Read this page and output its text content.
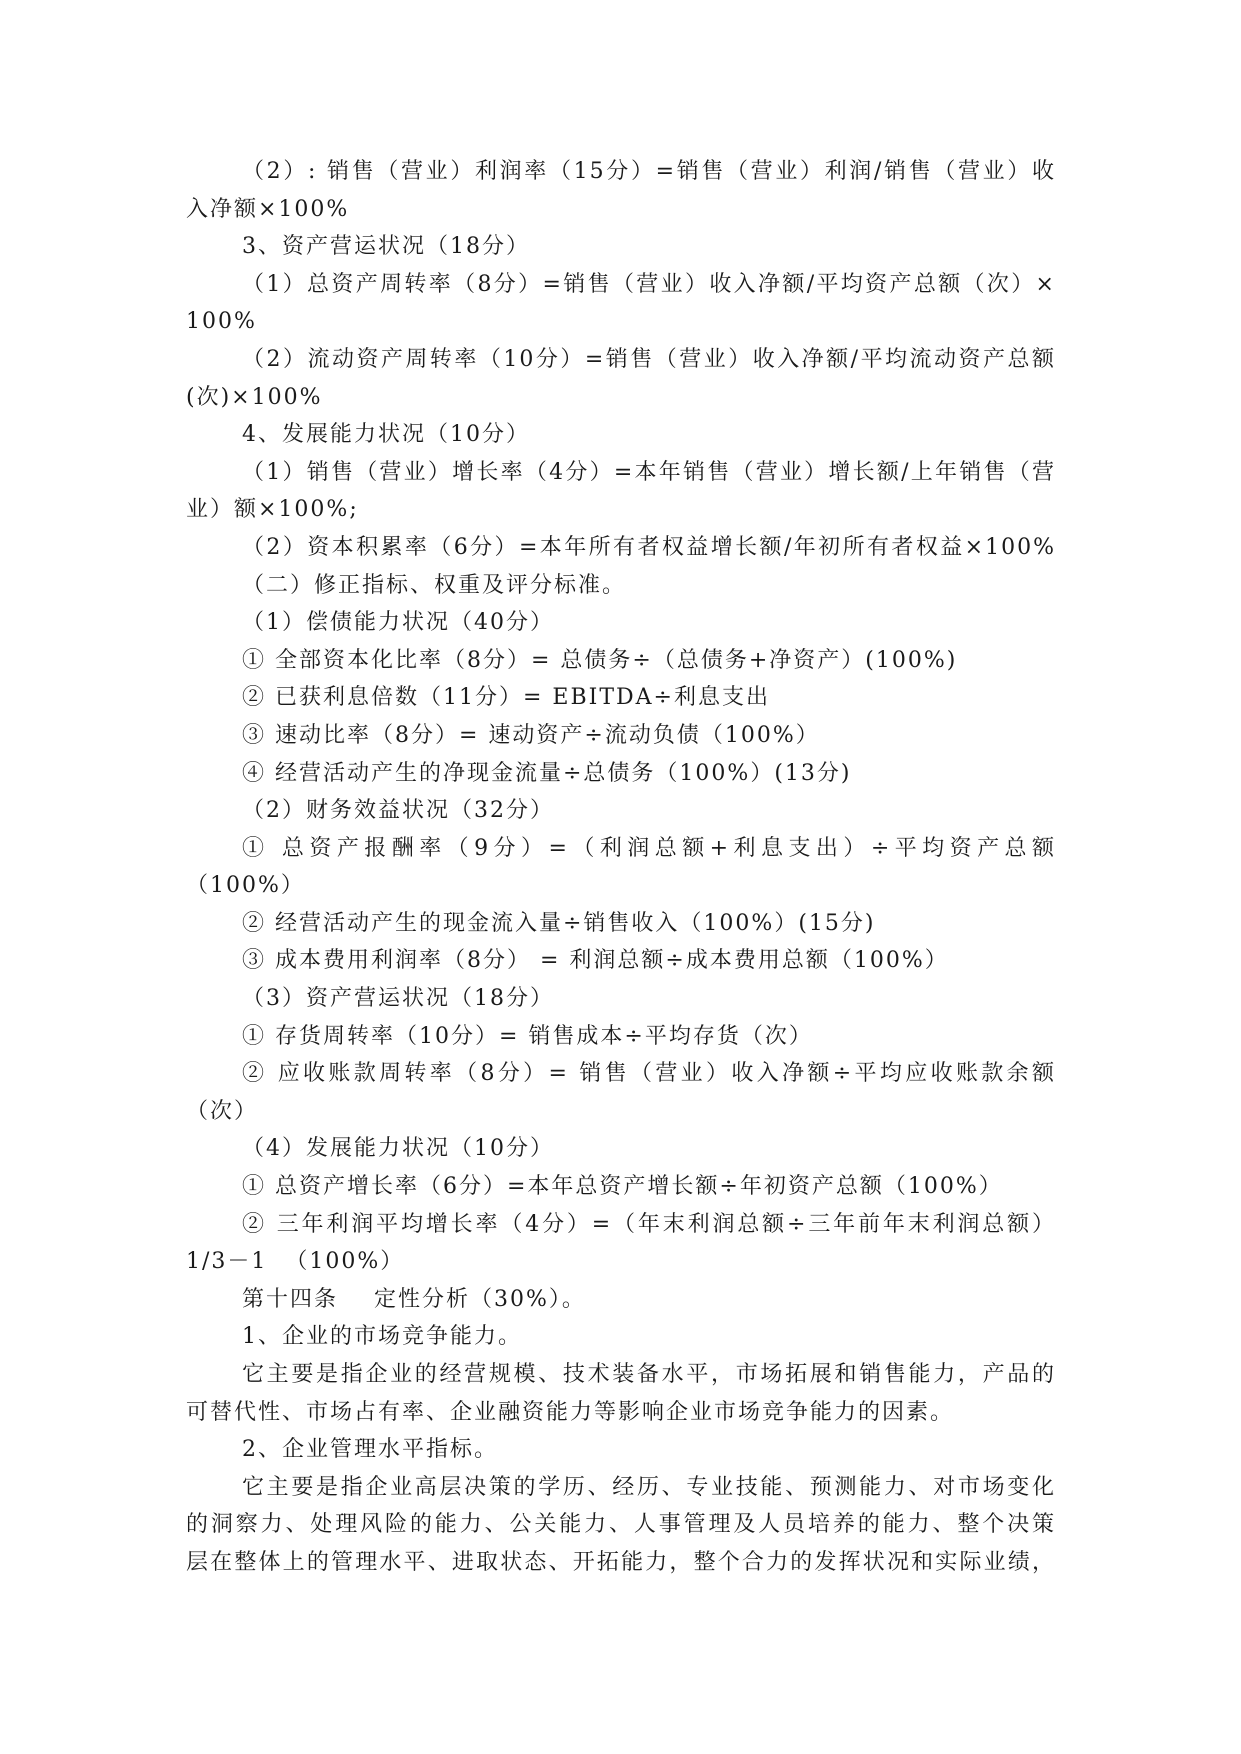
（2）: 销售（营业）利润率（15分）=销售（营业）利润/销售（营业）收
入净额×100%
3、资产营运状况（18分）
（1）总资产周转率（8分）=销售（营业）收入净额/平均资产总额（次）×
100%
（2）流动资产周转率（10分）=销售（营业）收入净额/平均流动资产总额
(次)×100%
4、发展能力状况（10分）
（1）销售（营业）增长率（4分）=本年销售（营业）增长额/上年销售（营
业）额×100%;
（2）资本积累率（6分）=本年所有者权益增长额/年初所有者权益×100%
（二）修正指标、权重及评分标准。
（1）偿债能力状况（40分）
① 全部资本化比率（8分）= 总债务÷（总债务+净资产）(100%)
② 已获利息倍数（11分）= EBITDA÷利息支出
③ 速动比率（8分）= 速动资产÷流动负债（100%）
④ 经营活动产生的净现金流量÷总债务（100%）(13分)
（2）财务效益状况（32分）
① 总资产报酬率（9分）=（利润总额+利息支出）÷平均资产总额
（100%）
② 经营活动产生的现金流入量÷销售收入（100%）(15分)
③ 成本费用利润率（8分） = 利润总额÷成本费用总额（100%）
（3）资产营运状况（18分）
① 存货周转率（10分）= 销售成本÷平均存货（次）
② 应收账款周转率（8分）= 销售（营业）收入净额÷平均应收账款余额
（次）
（4）发展能力状况（10分）
① 总资产增长率（6分）=本年总资产增长额÷年初资产总额（100%）
② 三年利润平均增长率（4分）=（年末利润总额÷三年前年末利润总额）
1/3－1  （100%）
第十四条    定性分析（30%）。
1、企业的市场竞争能力。
它主要是指企业的经营规模、技术装备水平，市场拓展和销售能力，产品的
可替代性、市场占有率、企业融资能力等影响企业市场竞争能力的因素。
2、企业管理水平指标。
它主要是指企业高层决策的学历、经历、专业技能、预测能力、对市场变化
的洞察力、处理风险的能力、公关能力、人事管理及人员培养的能力、整个决策
层在整体上的管理水平、进取状态、开拓能力，整个合力的发挥状况和实际业绩，
